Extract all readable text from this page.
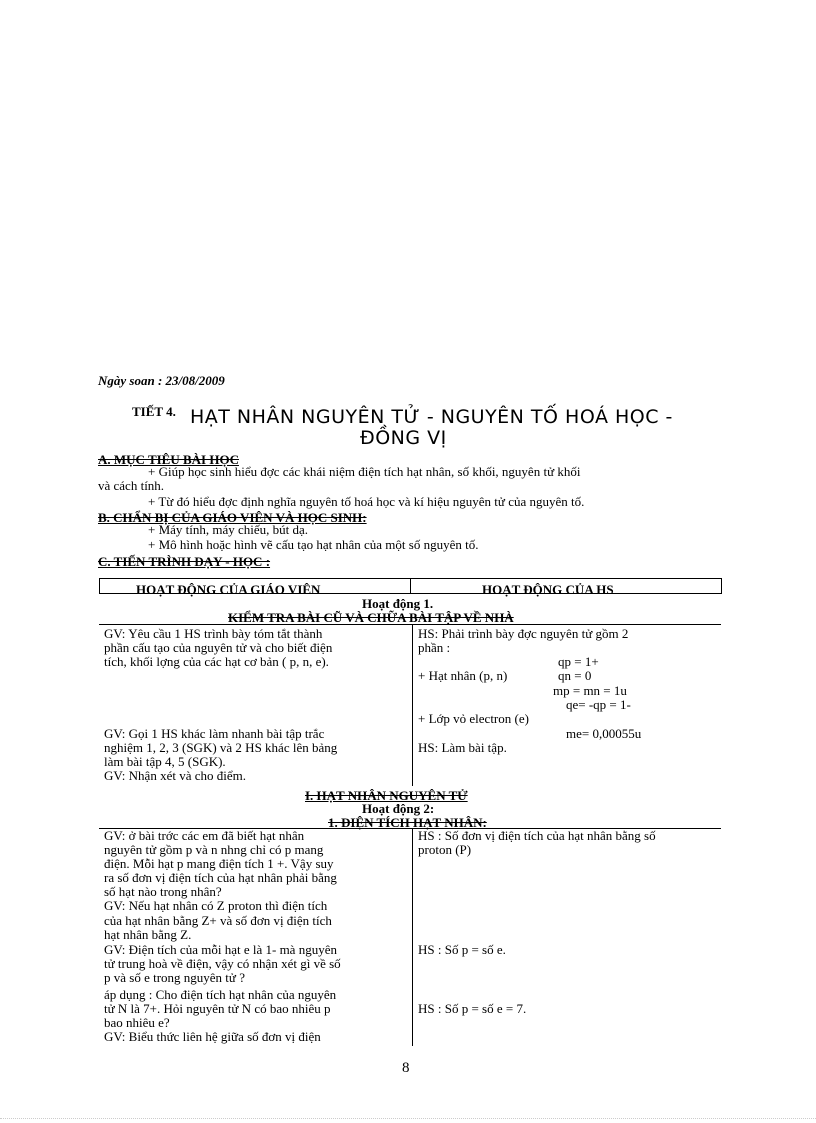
Ngày soan : 23/08/2009
TIẾT 4. HẠT NHÂN NGUYÊN TỬ - NGUYÊN TỐ HOÁ HỌC -
ĐỒNG VỊ
A. MỤC TIÊU BÀI HỌC
+ Giúp học sinh hiểu đợc các khái niệm điện tích hạt nhân, số khối, nguyên tử khối
và cách tính.
+ Từ đó hiểu đợc định nghĩa nguyên tố hoá học và kí hiệu nguyên tử của nguyên tố.
B. CHẨN BỊ CỦA GIÁO VIÊN VÀ HỌC SINH:
+ Máy tính, máy chiếu, bút dạ.
+ Mô hình hoặc hình vẽ cấu tạo hạt nhân của một số nguyên tố.
C. TIẾN TRÌNH DẠY - HỌC :
HOẠT ĐỘNG CỦA GIÁO VIÊN	HOẠT ĐỘNG CỦA HS
Hoạt động 1.
KIỂM TRA BÀI CŨ VÀ CHỮA BÀI TẬP VỀ NHÀ
GV: Yêu cầu 1 HS trình bày tóm tắt thành
phần cấu tạo của nguyên tử và cho biết điện
tích, khối lợng của các hạt cơ bản ( p, n, e).
HS: Phải trình bày đợc nguyên tử gồm 2
phần :
qp = 1+
+ Hạt nhân (p, n)	qn = 0
mp = mn = 1u
qe= -qp = 1-
+ Lớp vỏ electron (e)
me= 0,00055u
GV: Gọi 1 HS khác làm nhanh bài tập trắc
nghiệm 1, 2, 3 (SGK) và 2 HS khác lên bảng
làm bài tập 4, 5 (SGK).
GV: Nhận xét và cho điểm.
HS: Làm bài tập.
I. HẠT NHÂN NGUYÊN TỬ
Hoạt động 2:
1. ĐIỆN TÍCH HẠT NHÂN:
GV: ở bài trớc các em đã biết hạt nhân
nguyên tử gồm p và n nhng chỉ có p mang
điện. Mỗi hạt p mang điện tích 1 +. Vậy suy
ra số đơn vị điện tích của hạt nhân phải bằng
số hạt nào trong nhân?
HS : Số đơn vị điện tích của hạt nhân bằng số
proton (P)
GV: Nếu hạt nhân có Z proton thì điện tích
của hạt nhân bằng Z+ và số đơn vị điện tích
hạt nhân bằng Z.
GV: Điện tích của mỗi hạt e là 1- mà nguyên
tử trung hoà về điện, vậy có nhận xét gì về số
p và số e trong nguyên tử ?
HS : Số p = số e.
áp dụng : Cho điện tích hạt nhân của nguyên
tử N là 7+. Hỏi nguyên tử N có bao nhiêu p
bao nhiêu e?
HS : Số p = số e = 7.
GV: Biểu thức liên hệ giữa số đơn vị điện
8
